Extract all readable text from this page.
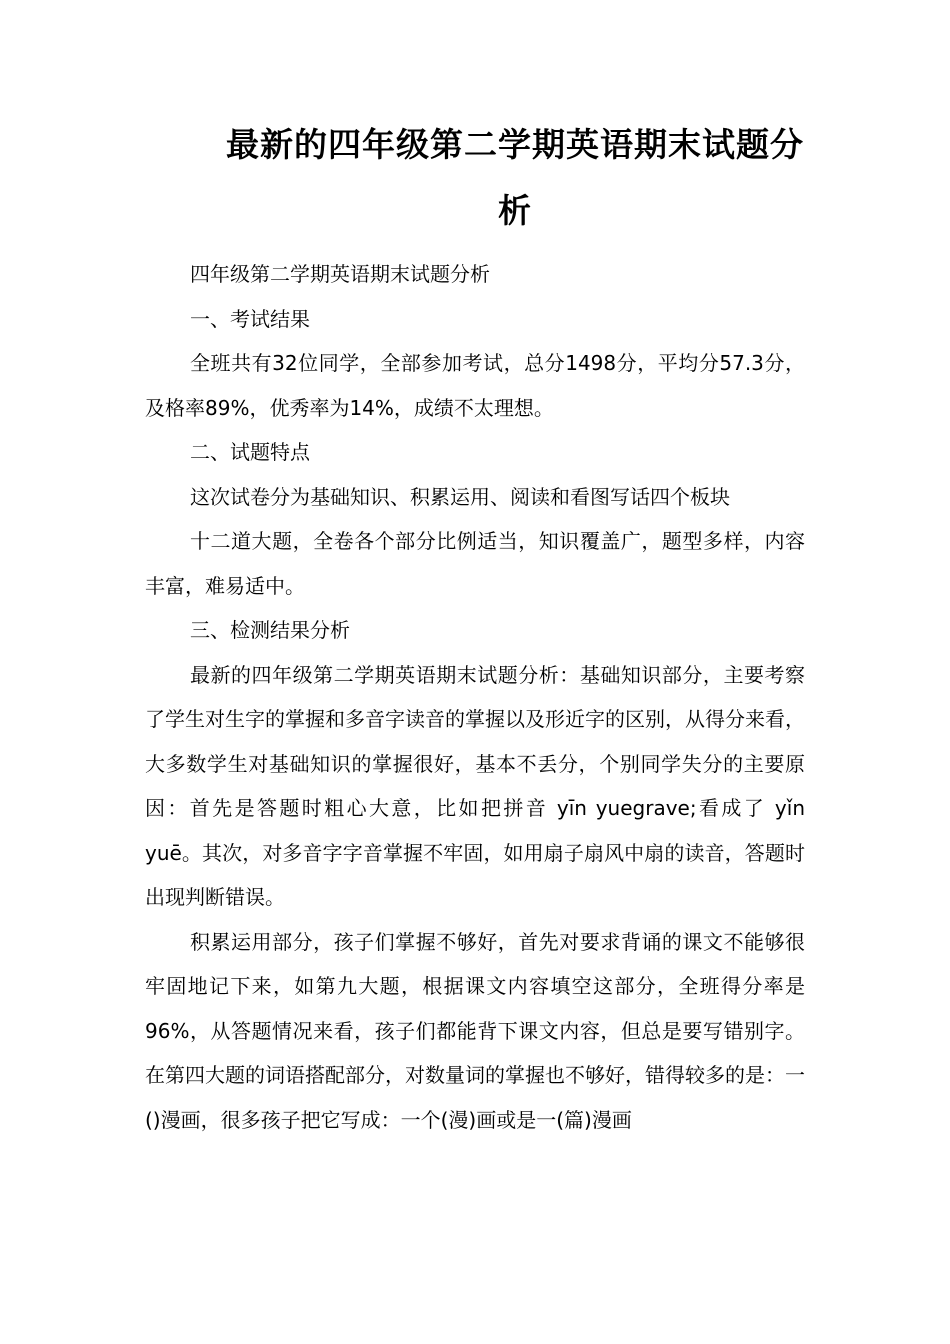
最新的四年级第二学期英语期末试题分析

四年级第二学期英语期末试题分析

一、考试结果

全班共有32位同学，全部参加考试，总分1498分，平均分57.3分，及格率89%，优秀率为14%，成绩不太理想。

二、试题特点

这次试卷分为基础知识、积累运用、阅读和看图写话四个板块

十二道大题，全卷各个部分比例适当，知识覆盖广，题型多样，内容丰富，难易适中。

三、检测结果分析

最新的四年级第二学期英语期末试题分析：基础知识部分，主要考察了学生对生字的掌握和多音字读音的掌握以及形近字的区别，从得分来看，大多数学生对基础知识的掌握很好，基本不丢分，个别同学失分的主要原因：首先是答题时粗心大意，比如把拼音 yīn yuegrave;看成了 yǐn yuē。其次，对多音字字音掌握不牢固，如用扇子扇风中扇的读音，答题时出现判断错误。

积累运用部分，孩子们掌握不够好，首先对要求背诵的课文不能够很牢固地记下来，如第九大题，根据课文内容填空这部分，全班得分率是96%，从答题情况来看，孩子们都能背下课文内容，但总是要写错别字。在第四大题的词语搭配部分，对数量词的掌握也不够好，错得较多的是：一()漫画，很多孩子把它写成：一个(漫)画或是一(篇)漫画
